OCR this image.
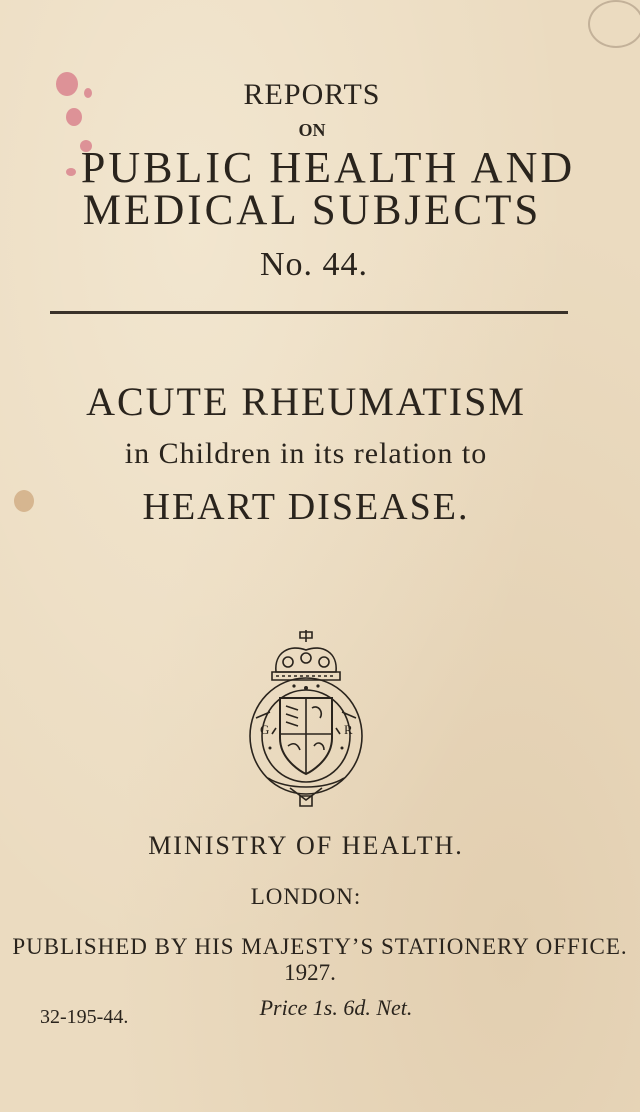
REPORTS
ON
PUBLIC HEALTH AND
MEDICAL SUBJECTS
No. 44.
ACUTE RHEUMATISM
in Children in its relation to
HEART DISEASE.
G	R
MINISTRY OF HEALTH.
LONDON:
PUBLISHED BY HIS MAJESTY’S STATIONERY OFFICE.
1927.
Price 1s. 6d. Net.
32-195-44.
